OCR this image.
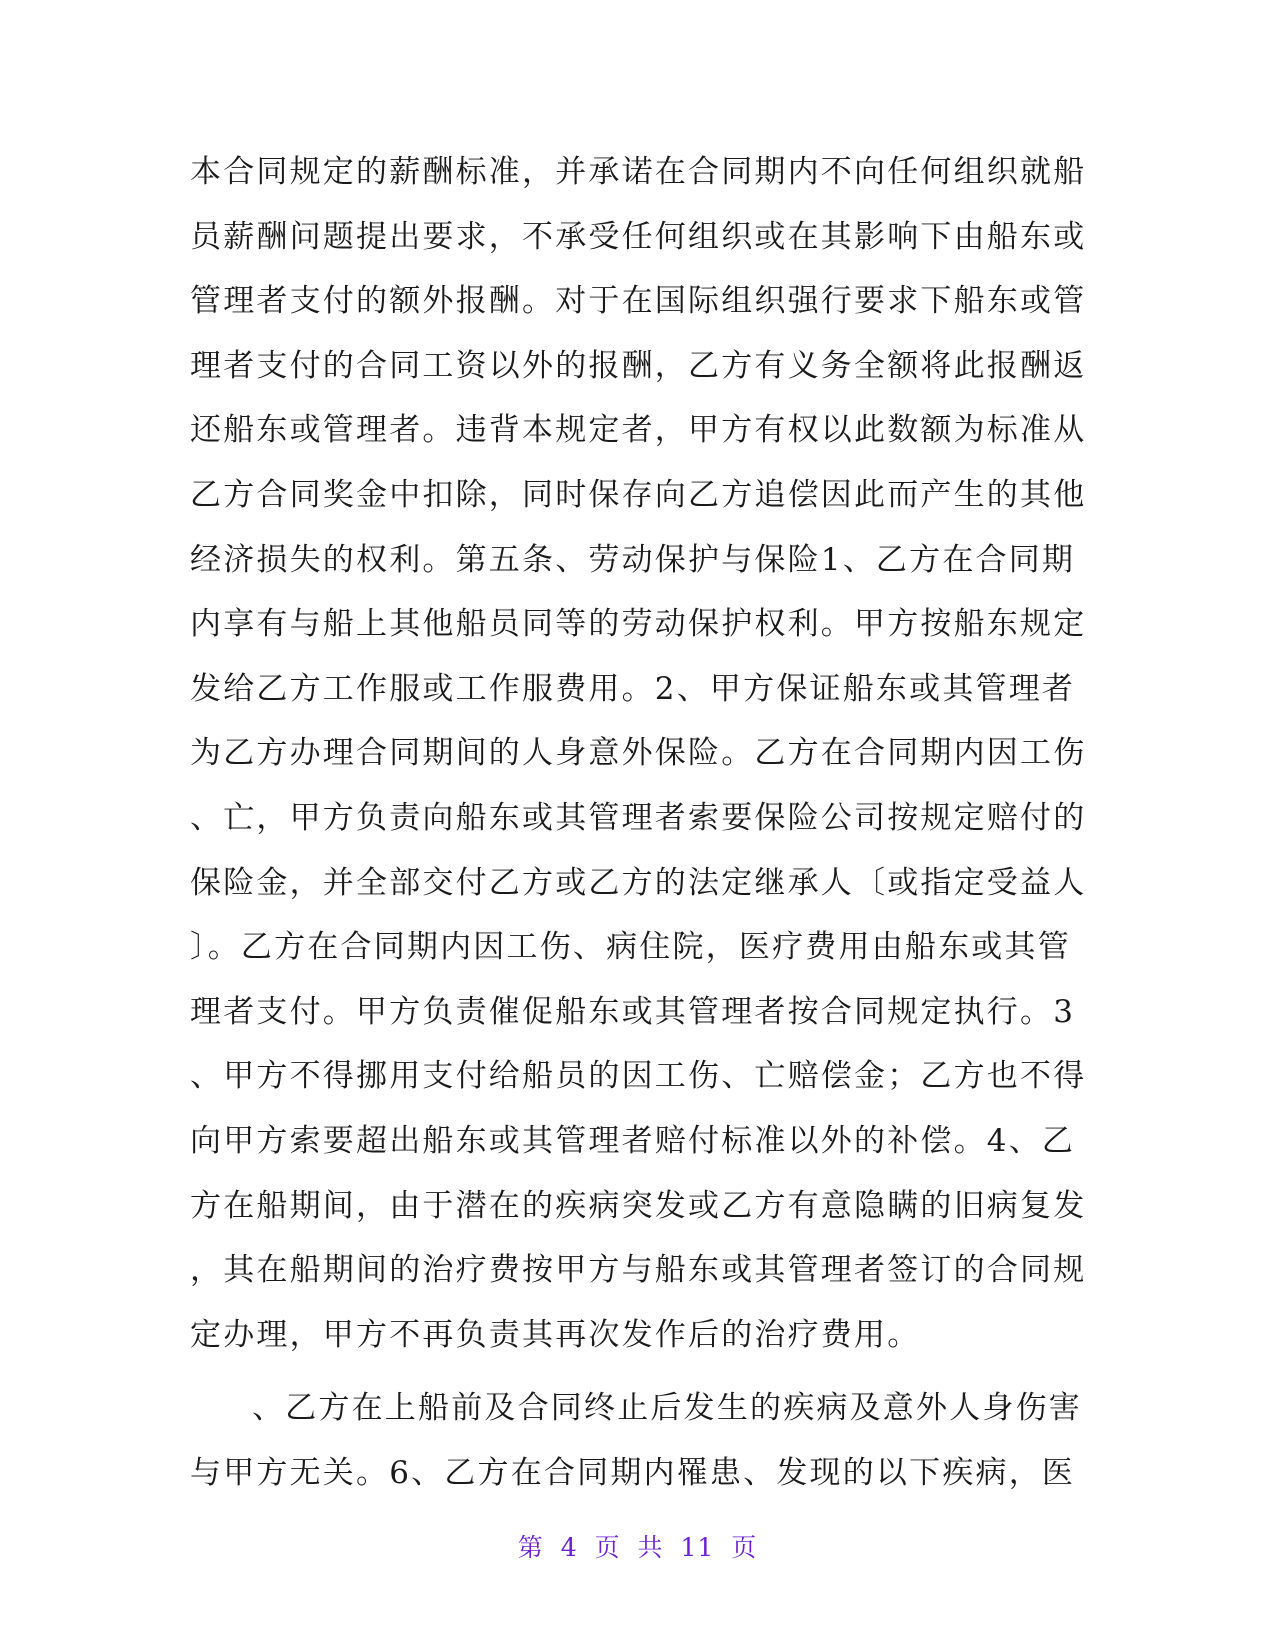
本合同规定的薪酬标准，并承诺在合同期内不向任何组织就船
员薪酬问题提出要求，不承受任何组织或在其影响下由船东或
管理者支付的额外报酬。对于在国际组织强行要求下船东或管
理者支付的合同工资以外的报酬，乙方有义务全额将此报酬返
还船东或管理者。违背本规定者，甲方有权以此数额为标准从
乙方合同奖金中扣除，同时保存向乙方追偿因此而产生的其他
经济损失的权利。第五条、劳动保护与保险1、乙方在合同期
内享有与船上其他船员同等的劳动保护权利。甲方按船东规定
发给乙方工作服或工作服费用。2、甲方保证船东或其管理者
为乙方办理合同期间的人身意外保险。乙方在合同期内因工伤
、亡，甲方负责向船东或其管理者索要保险公司按规定赔付的
保险金，并全部交付乙方或乙方的法定继承人〔或指定受益人
〕。乙方在合同期内因工伤、病住院，医疗费用由船东或其管
理者支付。甲方负责催促船东或其管理者按合同规定执行。3
、甲方不得挪用支付给船员的因工伤、亡赔偿金；乙方也不得
向甲方索要超出船东或其管理者赔付标准以外的补偿。4、乙
方在船期间，由于潜在的疾病突发或乙方有意隐瞒的旧病复发
，其在船期间的治疗费按甲方与船东或其管理者签订的合同规
定办理，甲方不再负责其再次发作后的治疗费用。
、乙方在上船前及合同终止后发生的疾病及意外人身伤害
与甲方无关。6、乙方在合同期内罹患、发现的以下疾病，医
第 4 页 共 11 页
